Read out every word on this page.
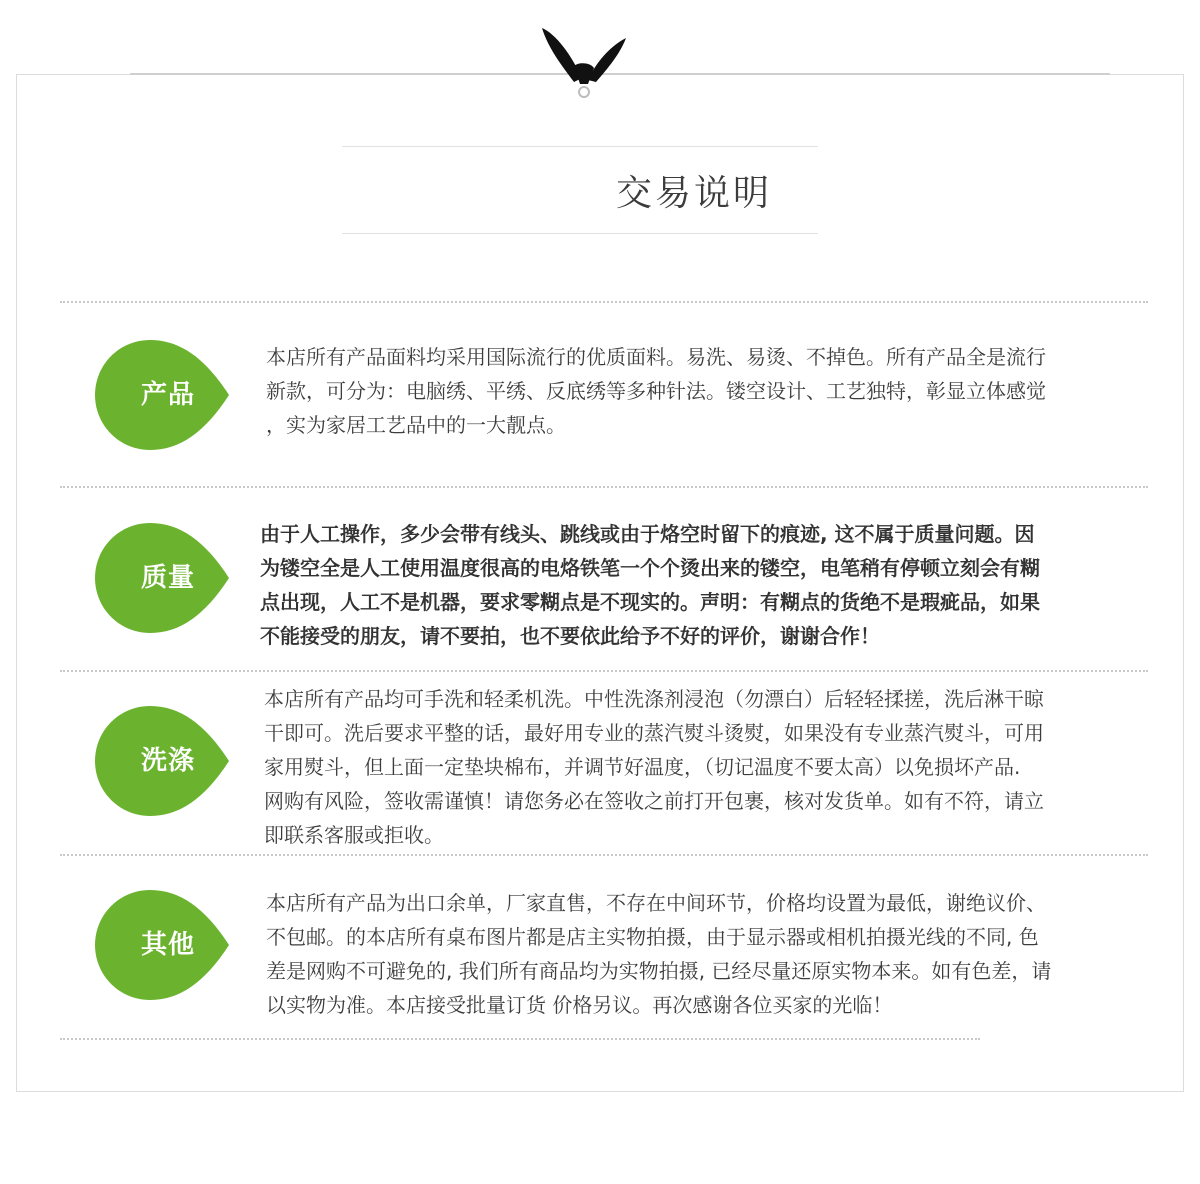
交易说明
产品
本店所有产品面料均采用国际流行的优质面料。易洗、易烫、不掉色。所有产品全是流行
新款，可分为：电脑绣、平绣、反底绣等多种针法。镂空设计、工艺独特，彰显立体感觉
，实为家居工艺品中的一大靓点。
质量
由于人工操作，多少会带有线头、跳线或由于烙空时留下的痕迹, 这不属于质量问题。因
为镂空全是人工使用温度很高的电烙铁笔一个个烫出来的镂空，电笔稍有停顿立刻会有糊
点出现，人工不是机器，要求零糊点是不现实的。声明：有糊点的货绝不是瑕疵品，如果
不能接受的朋友，请不要拍，也不要依此给予不好的评价，谢谢合作！
洗涤
本店所有产品均可手洗和轻柔机洗。中性洗涤剂浸泡（勿漂白）后轻轻揉搓，洗后淋干晾
干即可。洗后要求平整的话，最好用专业的蒸汽熨斗烫熨，如果没有专业蒸汽熨斗，可用
家用熨斗，但上面一定垫块棉布，并调节好温度，（切记温度不要太高）以免损坏产品.
网购有风险，签收需谨慎！请您务必在签收之前打开包裹，核对发货单。如有不符，请立
即联系客服或拒收。
其他
本店所有产品为出口余单，厂家直售，不存在中间环节，价格均设置为最低，谢绝议价、
不包邮。的本店所有桌布图片都是店主实物拍摄，由于显示器或相机拍摄光线的不同, 色
差是网购不可避免的, 我们所有商品均为实物拍摄, 已经尽量还原实物本来。如有色差，请
以实物为准。本店接受批量订货 价格另议。再次感谢各位买家的光临！
